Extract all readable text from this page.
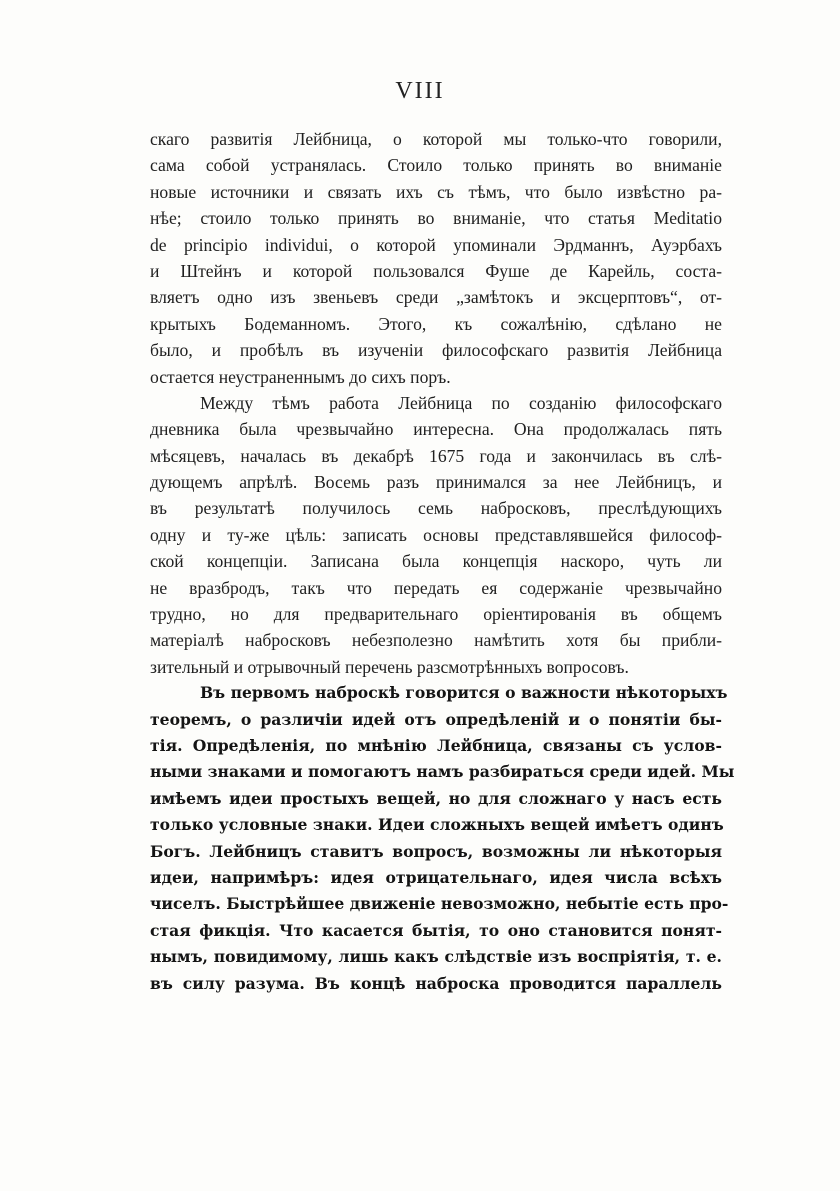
VIII
скаго развитія Лейбница, о которой мы только-что говорили,
сама собой устранялась. Стоило только принять во вниманіе
новые источники и связать ихъ съ тѣмъ, что было извѣстно ра-
нѣе; стоило только принять во вниманіе, что статья Meditatio
de principio individui, о которой упоминали Эрдманнъ, Ауэрбахъ
и Штейнъ и которой пользовался Фуше де Карейль, соста-
вляетъ одно изъ звеньевъ среди „замѣтокъ и эксцерптовъ“, от-
крытыхъ Бодеманномъ. Этого, къ сожалѣнію, сдѣлано не
было, и пробѣлъ въ изученіи философскаго развитія Лейбница
остается неустраненнымъ до сихъ поръ.
Между тѣмъ работа Лейбница по созданію философскаго
дневника была чрезвычайно интересна. Она продолжалась пять
мѣсяцевъ, началась въ декабрѣ 1675 года и закончилась въ слѣ-
дующемъ апрѣлѣ. Восемь разъ принимался за нее Лейбницъ, и
въ результатѣ получилось семь набросковъ, преслѣдующихъ
одну и ту-же цѣль: записать основы представлявшейся философ-
ской концепціи. Записана была концепція наскоро, чуть ли
не вразбродъ, такъ что передать ея содержаніе чрезвычайно
трудно, но для предварительнаго оріентированія въ общемъ
матеріалѣ набросковъ небезполезно намѣтить хотя бы прибли-
зительный и отрывочный перечень разсмотрѣнныхъ вопросовъ.
Въ первомъ наброскѣ говорится о важности нѣкоторыхъ
теоремъ, о различіи идей отъ опредѣленій и о понятіи бы-
тія. Опредѣленія, по мнѣнію Лейбница, связаны съ услов-
ными знаками и помогаютъ намъ разбираться среди идей. Мы
имѣемъ идеи простыхъ вещей, но для сложнаго у насъ есть
только условные знаки. Идеи сложныхъ вещей имѣетъ одинъ
Богъ. Лейбницъ ставитъ вопросъ, возможны ли нѣкоторыя
идеи, напримѣръ: идея отрицательнаго, идея числа всѣхъ
чиселъ. Быстрѣйшее движеніе невозможно, небытіе есть про-
стая фикція. Что касается бытія, то оно становится понят-
нымъ, повидимому, лишь какъ слѣдствіе изъ воспріятія, т. е.
въ силу разума. Въ концѣ наброска проводится параллель
